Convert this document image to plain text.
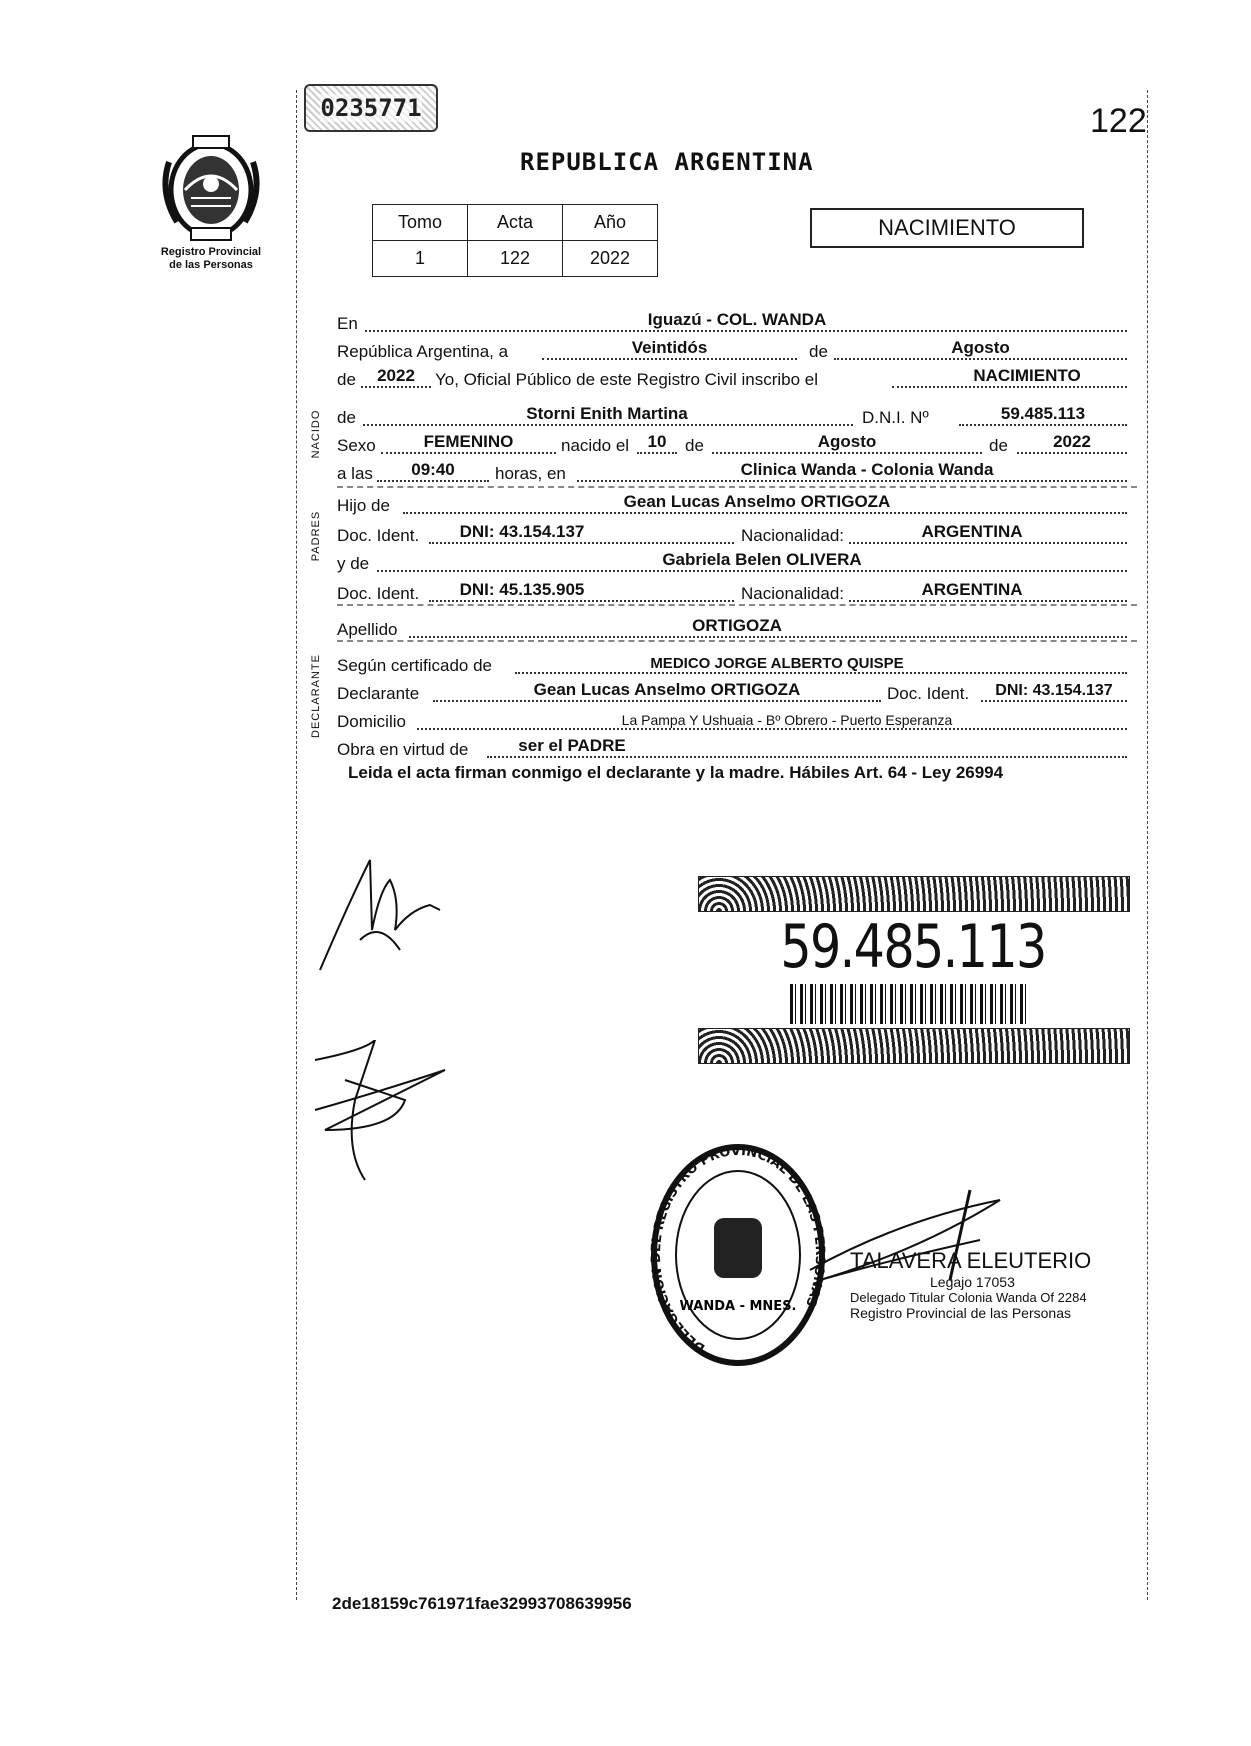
0235771	122
Registro Provincial
de las Personas
REPUBLICA ARGENTINA
Tomo	Acta	Año
1	122	2022
NACIMIENTO
NACIDO
PADRES
DECLARANTE
En	Iguazú - COL. WANDA
República Argentina, a	Veintidós	de	Agosto
de	2022	Yo, Oficial Público de este Registro Civil inscribo el	NACIMIENTO
de	Storni Enith Martina	D.N.I. Nº	59.485.113
Sexo	FEMENINO	nacido el	10	de	Agosto	de	2022
a las	09:40	horas, en	Clinica Wanda - Colonia Wanda
Hijo de	Gean Lucas Anselmo ORTIGOZA
Doc. Ident.	DNI: 43.154.137	Nacionalidad:	ARGENTINA
y de	Gabriela Belen OLIVERA
Doc. Ident.	DNI: 45.135.905	Nacionalidad:	ARGENTINA
Apellido	ORTIGOZA
Según certificado de	MEDICO JORGE ALBERTO QUISPE
Declarante	Gean Lucas Anselmo ORTIGOZA	Doc. Ident.	DNI: 43.154.137
Domicilio	La Pampa Y Ushuaia - Bº Obrero - Puerto Esperanza
Obra en virtud de	ser el PADRE
Leida el acta firman conmigo el declarante y la madre. Hábiles Art. 64 - Ley 26994
59.485.113
DELEGACION DEL REGISTRO PROVINCIAL DE LAS PERSONAS
WANDA - MNES.
TALAVERA ELEUTERIO
Legajo 17053
Delegado Titular Colonia Wanda Of 2284
Registro Provincial de las Personas
2de18159c761971fae32993708639956
